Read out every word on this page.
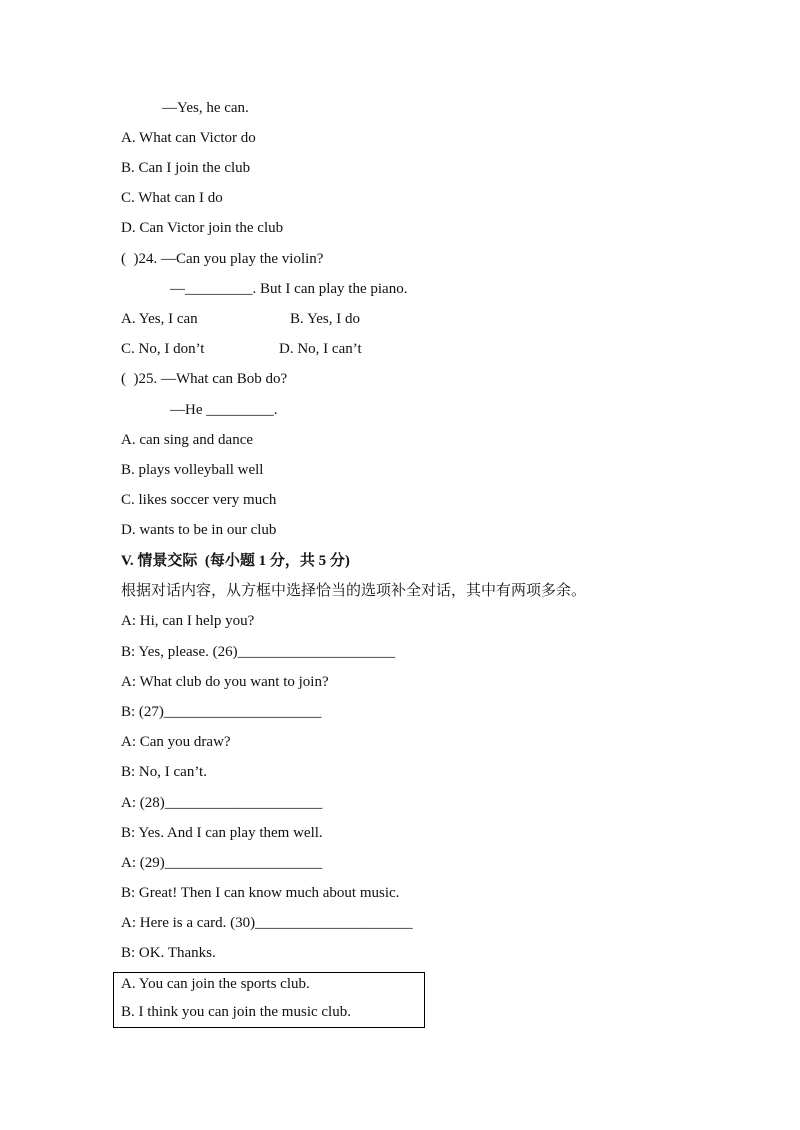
—Yes, he can.
A. What can Victor do
B. Can I join the club
C. What can I do
D. Can Victor join the club
(  )24. —Can you play the violin?
—_________. But I can play the piano.
A. Yes, I can	B. Yes, I do
C. No, I don’t	D. No, I can’t
(  )25. —What can Bob do?
—He _________.
A. can sing and dance
B. plays volleyball well
C. likes soccer very much
D. wants to be in our club
V. 情景交际  (每小题 1 分，共 5 分)
根据对话内容，从方框中选择恰当的选项补全对话，其中有两项多余。
A: Hi, can I help you?
B: Yes, please. (26)_____________________
A: What club do you want to join?
B: (27)_____________________
A: Can you draw?
B: No, I can’t.
A: (28)_____________________
B: Yes. And I can play them well.
A: (29)_____________________
B: Great! Then I can know much about music.
A: Here is a card. (30)_____________________
B: OK. Thanks.
A. You can join the sports club.
B. I think you can join the music club.
